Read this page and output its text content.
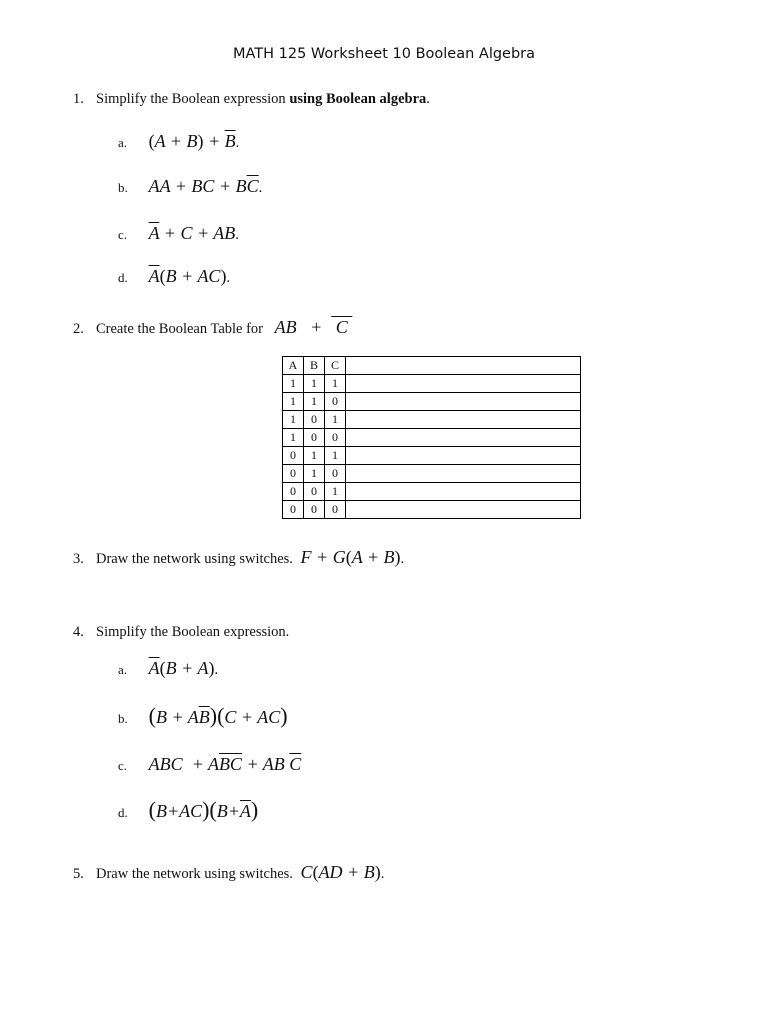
MATH 125 Worksheet 10 Boolean Algebra
1. Simplify the Boolean expression using Boolean algebra.
a. $(A + B) + \overline{B}$.
b. AA + BC + $B\overline{C}$.
c. $\overline{A} + C$ + AB.
d. $\overline{A}(B + AC)$.
2. Create the Boolean Table for AB   +   C
A	B	C	
1	1	1	
1	1	0	
1	0	1	
1	0	0	
0	1	1	
0	1	0	
0	0	1	
0	0	0	
3. Draw the network using switches. F + G(A + B).
4. Simplify the Boolean expression.
a. $\overline{A}(B + A)$.
b. $(B + A\overline{B})(C + AC)$
c. ABC  + $A\overline{BC}$ + AB $\overline{C}$
d. $(B+AC)(B+\overline{A})$
5. Draw the network using switches. C(AD + B).
